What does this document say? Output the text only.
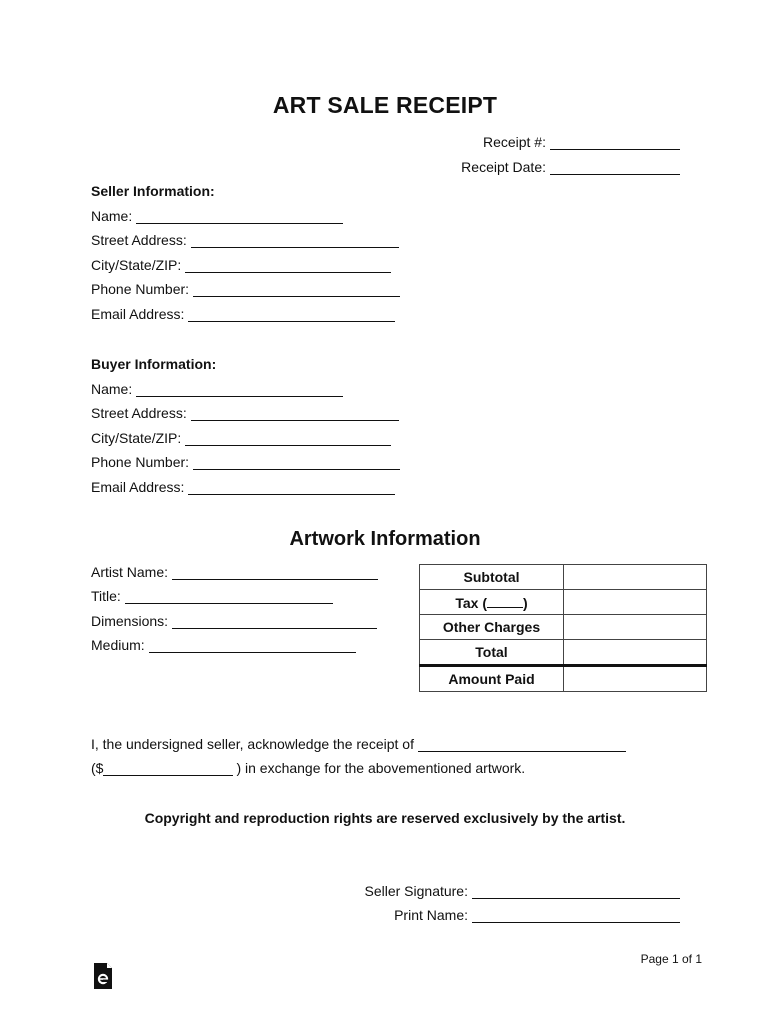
ART SALE RECEIPT
Receipt #:
Receipt Date:
Seller Information:
Name:
Street Address:
City/State/ZIP:
Phone Number:
Email Address:
Buyer Information:
Name:
Street Address:
City/State/ZIP:
Phone Number:
Email Address:
Artwork Information
Artist Name:
Title:
Dimensions:
Medium:
Subtotal	
Tax ( )	
Other Charges	
Total	
Amount Paid	
I, the undersigned seller, acknowledge the receipt of
($	) in exchange for the abovementioned artwork.
Copyright and reproduction rights are reserved exclusively by the artist.
Seller Signature:
Print Name:
Page 1 of 1
